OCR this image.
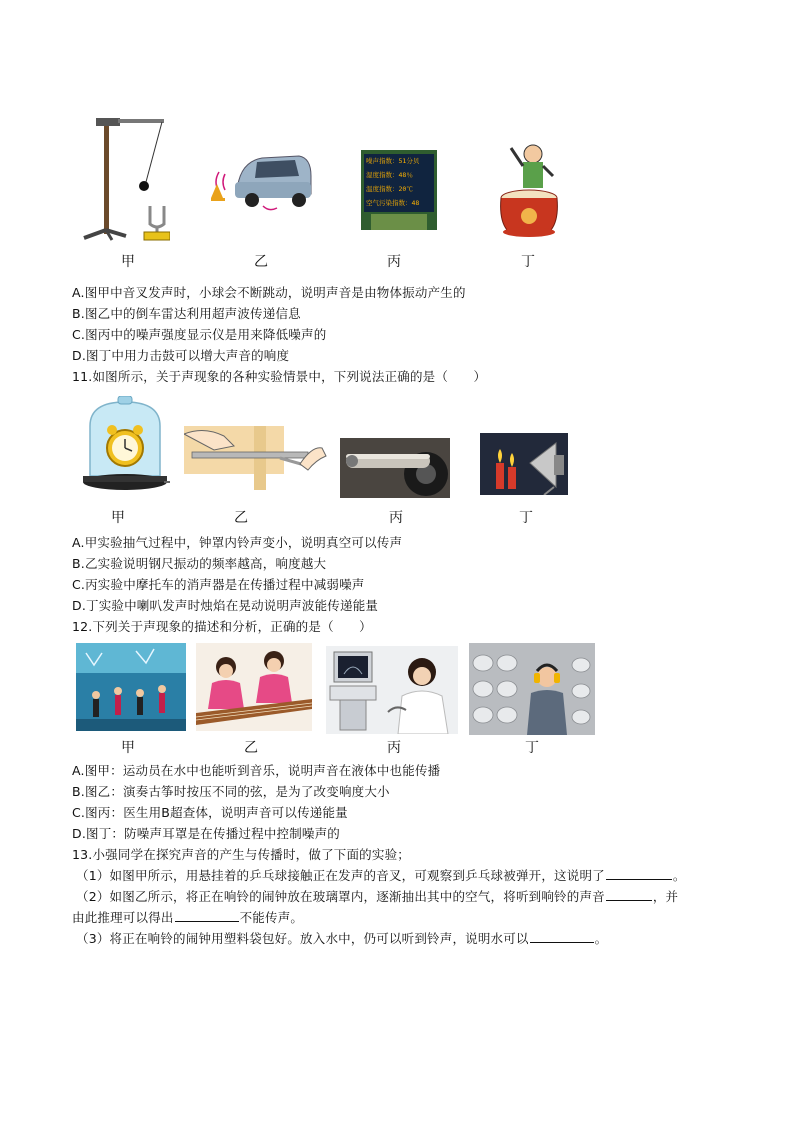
噪声指数：51分贝
湿度指数：48％
温度指数：20℃
空气污染指数：48
甲	乙	丙	丁
A.图甲中音叉发声时，小球会不断跳动，说明声音是由物体振动产生的
B.图乙中的倒车雷达利用超声波传递信息
C.图丙中的噪声强度显示仪是用来降低噪声的
D.图丁中用力击鼓可以增大声音的响度
11.如图所示，关于声现象的各种实验情景中，下列说法正确的是（　　）
甲	乙	丙	丁
A.甲实验抽气过程中，钟罩内铃声变小，说明真空可以传声
B.乙实验说明钢尺振动的频率越高，响度越大
C.丙实验中摩托车的消声器是在传播过程中减弱噪声
D.丁实验中喇叭发声时烛焰在晃动说明声波能传递能量
12.下列关于声现象的描述和分析，正确的是（　　）
甲	乙	丙	丁
A.图甲：运动员在水中也能听到音乐，说明声音在液体中也能传播
B.图乙：演奏古筝时按压不同的弦，是为了改变响度大小
C.图丙：医生用B超查体，说明声音可以传递能量
D.图丁：防噪声耳罩是在传播过程中控制噪声的
13.小强同学在探究声音的产生与传播时，做了下面的实验；
（1）如图甲所示，用悬挂着的乒乓球接触正在发声的音叉，可观察到乒乓球被弹开，这说明了	。
（2）如图乙所示，将正在响铃的闹钟放在玻璃罩内，逐渐抽出其中的空气，将听到响铃的声音	，并
由此推理可以得出	不能传声。
（3）将正在响铃的闹钟用塑料袋包好。放入水中，仍可以听到铃声，说明水可以	。
